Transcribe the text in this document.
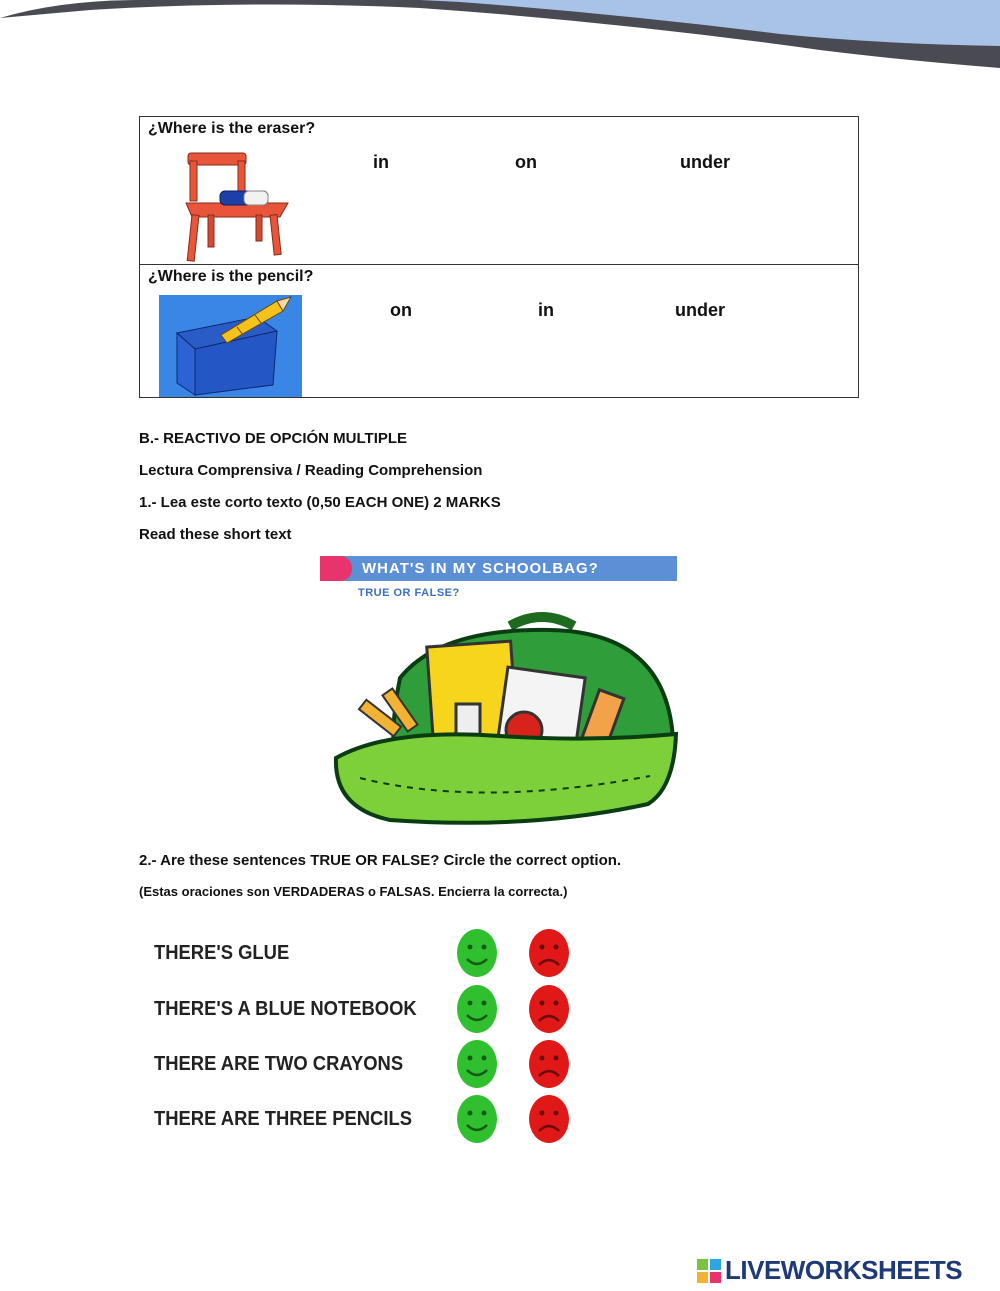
¿Where is the eraser?
in	on	under
¿Where is the pencil?
on	in	under
B.- REACTIVO DE OPCIÓN MULTIPLE
Lectura Comprensiva / Reading Comprehension
1.- Lea este corto texto (0,50 EACH ONE) 2 MARKS
Read these short text
WHAT'S IN MY SCHOOLBAG?
TRUE OR FALSE?
2.- Are these sentences TRUE OR FALSE? Circle the correct option.
(Estas oraciones son VERDADERAS o FALSAS. Encierra la correcta.)
THERE'S GLUE
THERE'S A BLUE NOTEBOOK
THERE ARE TWO CRAYONS
THERE ARE THREE PENCILS
LIVEWORKSHEETS
